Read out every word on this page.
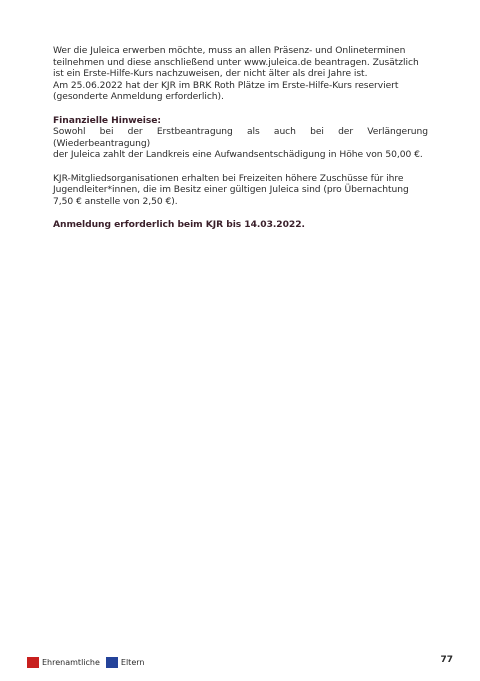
Wer die Juleica erwerben möchte, muss an allen Präsenz- und Onlineterminen
teilnehmen und diese anschließend unter www.juleica.de beantragen. Zusätzlich
ist ein Erste-Hilfe-Kurs nachzuweisen, der nicht älter als drei Jahre ist.
Am 25.06.2022 hat der KJR im BRK Roth Plätze im Erste-Hilfe-Kurs reserviert
(gesonderte Anmeldung erforderlich).

Finanzielle Hinweise:
Sowohl bei der Erstbeantragung als auch bei der Verlängerung (Wiederbeantragung)
der Juleica zahlt der Landkreis eine Aufwandsentschädigung in Höhe von 50,00 €.

KJR-Mitgliedsorganisationen erhalten bei Freizeiten höhere Zuschüsse für ihre
Jugendleiter*innen, die im Besitz einer gültigen Juleica sind (pro Übernachtung
7,50 € anstelle von 2,50 €).

Anmeldung erforderlich beim KJR bis 14.03.2022.

Ehrenamtliche	Eltern	77
